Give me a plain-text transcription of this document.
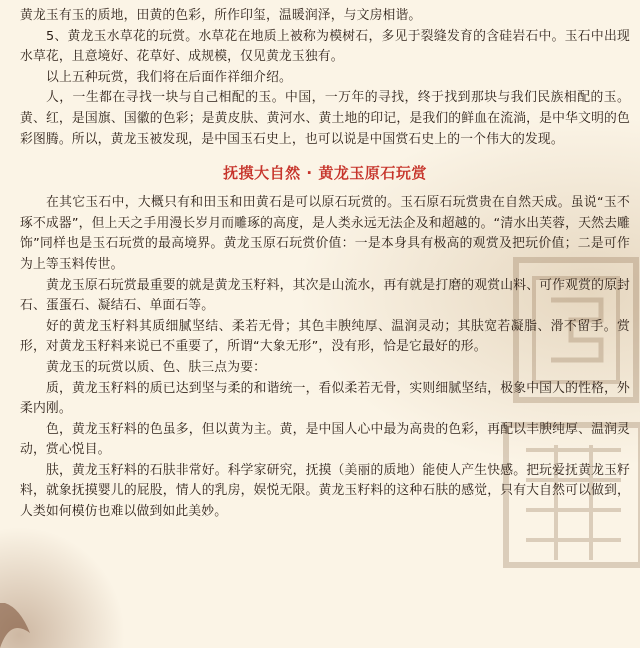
黄龙玉有玉的质地，田黄的色彩，所作印玺，温暖润泽，与文房相谐。

5、黄龙玉水草花的玩赏。水草花在地质上被称为模树石，多见于裂缝发育的含硅岩石中。玉石中出现水草花，且意境好、花草好、成规模，仅见黄龙玉独有。

以上五种玩赏，我们将在后面作祥细介绍。

人，一生都在寻找一块与自己相配的玉。中国，一万年的寻找，终于找到那块与我们民族相配的玉。黄、红，是国旗、国徽的色彩；是黄皮肤、黄河水、黄土地的印记，是我们的鲜血在流淌，是中华文明的色彩图腾。所以，黄龙玉被发现，是中国玉石史上，也可以说是中国赏石史上的一个伟大的发现。

抚摸大自然 · 黄龙玉原石玩赏

在其它玉石中，大概只有和田玉和田黄石是可以原石玩赏的。玉石原石玩赏贵在自然天成。虽说“玉不琢不成器”，但上天之手用漫长岁月而雕琢的高度，是人类永远无法企及和超越的。“清水出芙蓉，天然去雕饰”同样也是玉石玩赏的最高境界。黄龙玉原石玩赏价值：一是本身具有极高的观赏及把玩价值；二是可作为上等玉料传世。

黄龙玉原石玩赏最重要的就是黄龙玉籽料，其次是山流水，再有就是打磨的观赏山料、可作观赏的原封石、蛋蛋石、凝结石、单面石等。

好的黄龙玉籽料其质细腻坚结、柔若无骨；其色丰腴纯厚、温润灵动；其肤宽若凝脂、滑不留手。赏形，对黄龙玉籽料来说已不重要了，所谓“大象无形”，没有形，恰是它最好的形。

黄龙玉的玩赏以质、色、肤三点为要：

质，黄龙玉籽料的质已达到坚与柔的和谐统一，看似柔若无骨，实则细腻坚结，极象中国人的性格，外柔内刚。

色，黄龙玉籽料的色虽多，但以黄为主。黄，是中国人心中最为高贵的色彩，再配以丰腴纯厚、温润灵动，赏心悦目。

肤，黄龙玉籽料的石肤非常好。科学家研究，抚摸（美丽的质地）能使人产生快感。把玩爱抚黄龙玉籽料，就象抚摸婴儿的屁股，情人的乳房，娱悦无限。黄龙玉籽料的这种石肤的感觉，只有大自然可以做到，人类如何模仿也难以做到如此美妙。
